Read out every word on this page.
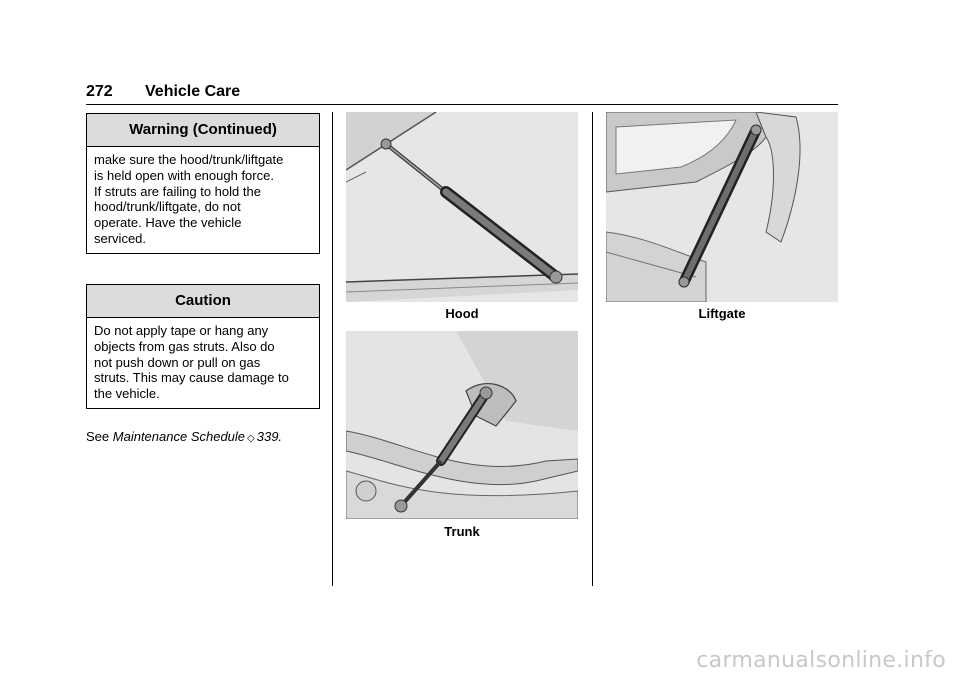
272 Vehicle Care
Warning (Continued)

make sure the hood/trunk/liftgate

is held open with enough force.

If struts are failing to hold the

hood/trunk/liftgate, do not

operate. Have the vehicle

serviced.

Caution

Do not apply tape or hang any

objects from gas struts. Also do

not push down or pull on gas

struts. This may cause damage to

the vehicle.

See Maintenance Schedule ◇ 339.
Hood
Trunk
Liftgate
carmanualsonline.info
